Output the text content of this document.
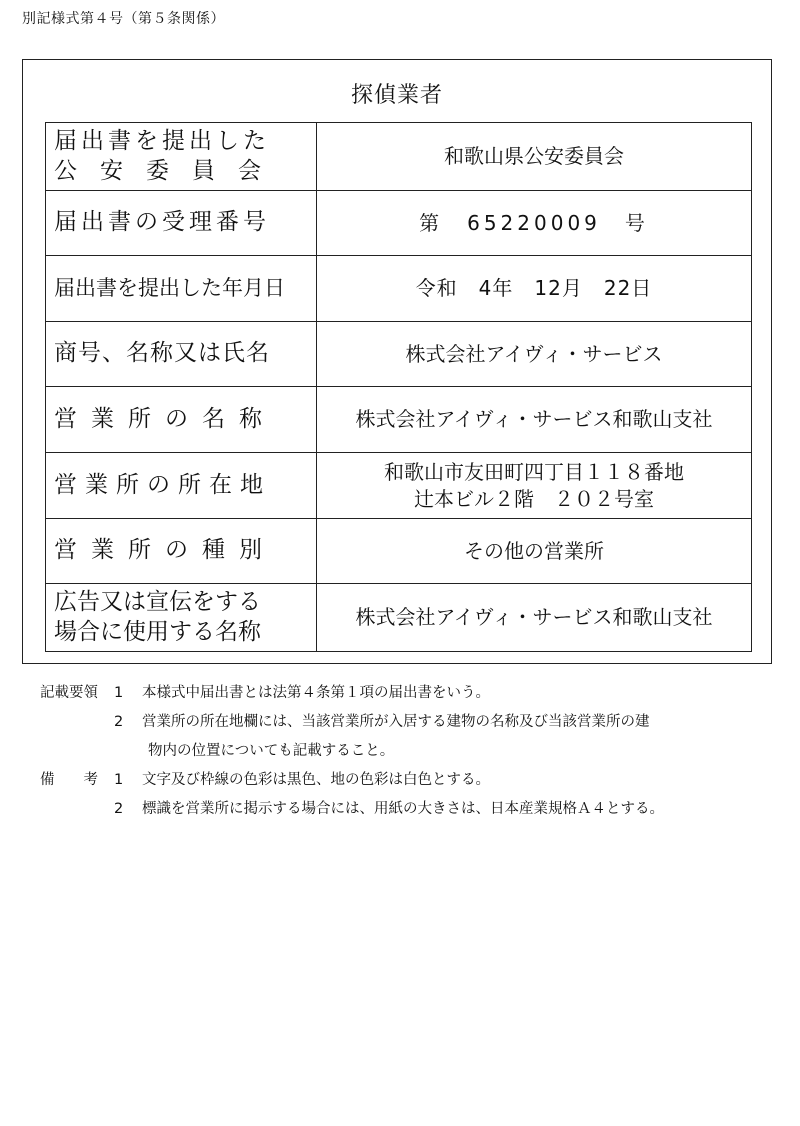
別記様式第４号（第５条関係）
探偵業者
届出書を提出した
公　安　委　員　会	和歌山県公安委員会
届出書の受理番号	第　65220009　号
届出書を提出した年月日	令和　4年　12月　22日
商号、名称又は氏名	株式会社アイヴィ・サービス
営業所の名称	株式会社アイヴィ・サービス和歌山支社
営業所の所在地	和歌山市友田町四丁目１１８番地
辻本ビル２階　２０２号室

営業所の種別	その他の営業所

広告又は宣伝をする
場合に使用する名称	株式会社アイヴィ・サービス和歌山支社
記載要領	1	本様式中届出書とは法第４条第１項の届出書をいう。
2	営業所の所在地欄には、当該営業所が入居する建物の名称及び当該営業所の建
物内の位置についても記載すること。
備　　考	1	文字及び枠線の色彩は黒色、地の色彩は白色とする。
2	標識を営業所に掲示する場合には、用紙の大きさは、日本産業規格Ａ４とする。
